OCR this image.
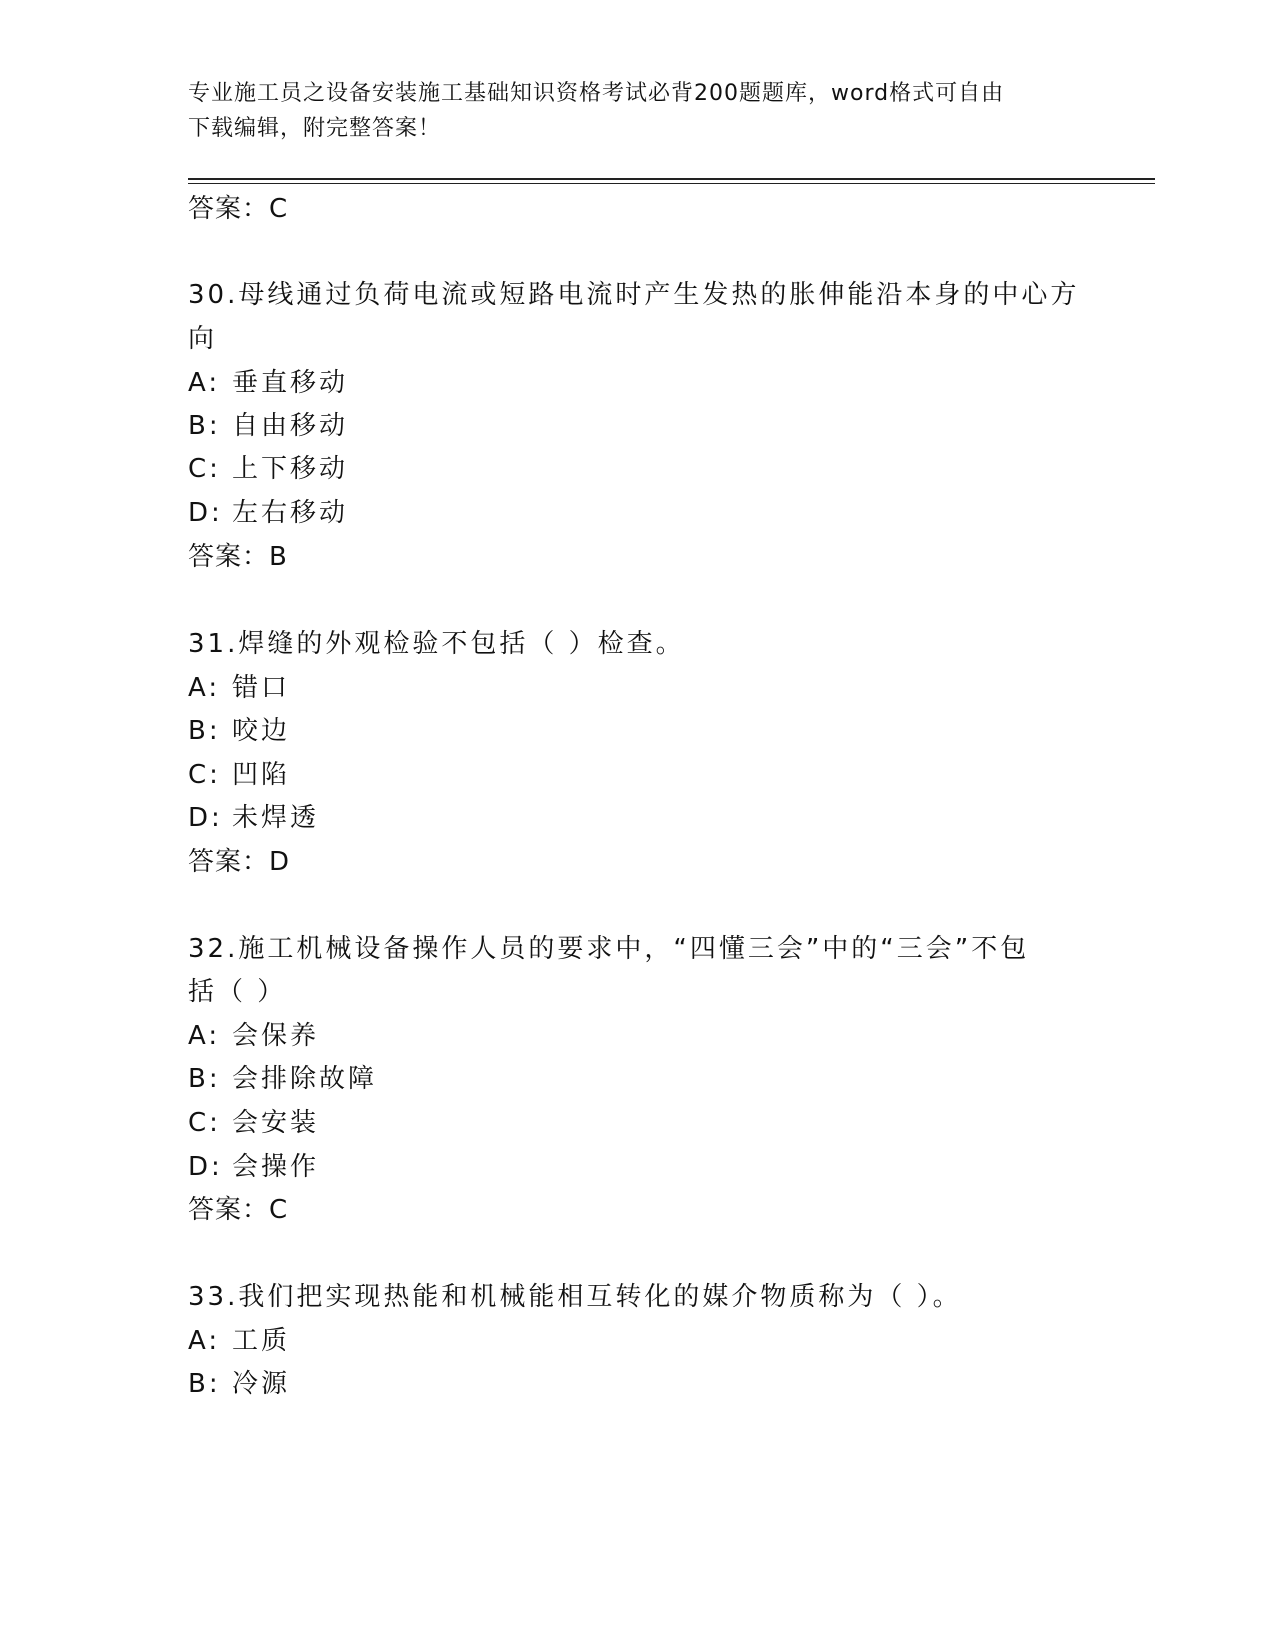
专业施工员之设备安装施工基础知识资格考试必背200题题库，word格式可自由
下载编辑，附完整答案！
答案：C
30.母线通过负荷电流或短路电流时产生发热的胀伸能沿本身的中心方
向
A: 垂直移动
B: 自由移动
C: 上下移动
D: 左右移动
答案：B
31.焊缝的外观检验不包括（ ）检查。
A: 错口
B: 咬边
C: 凹陷
D: 未焊透
答案：D
32.施工机械设备操作人员的要求中，“四懂三会”中的“三会”不包
括（ ）
A: 会保养
B: 会排除故障
C: 会安装
D: 会操作
答案：C
33.我们把实现热能和机械能相互转化的媒介物质称为（ ）。
A: 工质
B: 冷源
